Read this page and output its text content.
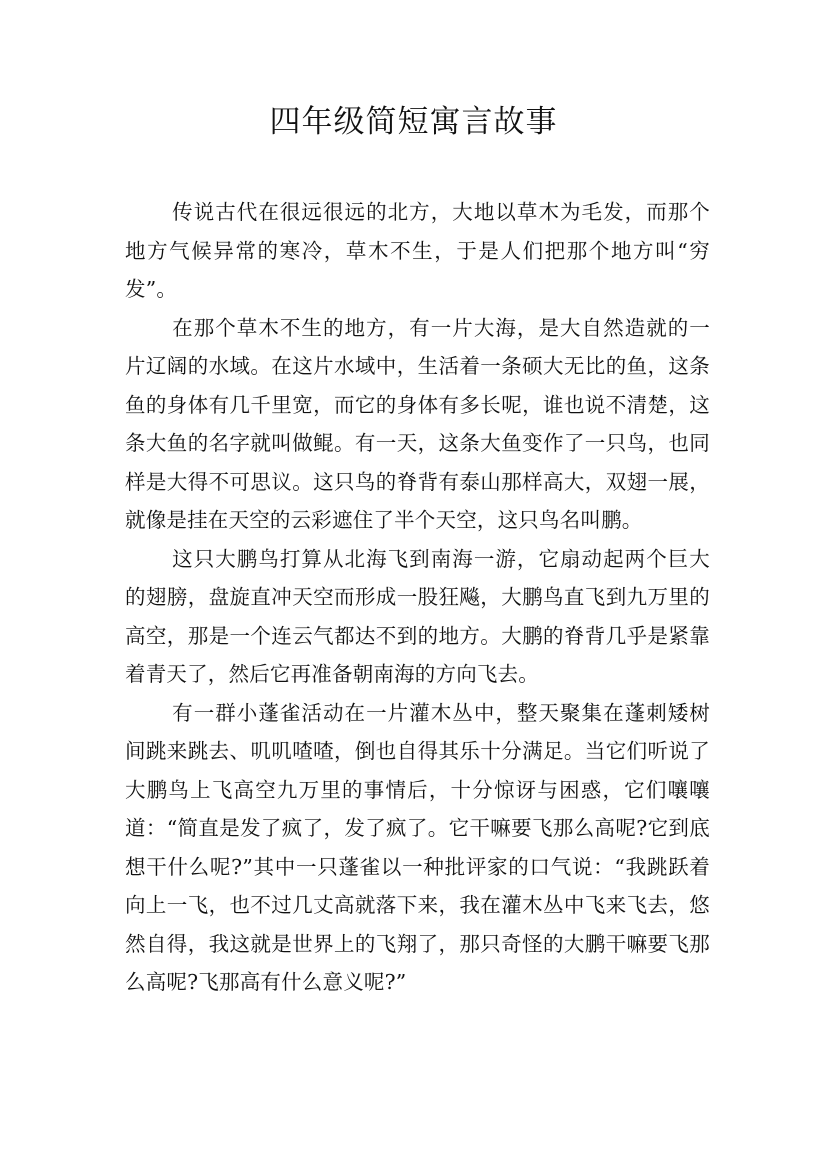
四年级简短寓言故事

传说古代在很远很远的北方，大地以草木为毛发，而那个地方气候异常的寒冷，草木不生，于是人们把那个地方叫“穷发”。

在那个草木不生的地方，有一片大海，是大自然造就的一片辽阔的水域。在这片水域中，生活着一条硕大无比的鱼，这条鱼的身体有几千里宽，而它的身体有多长呢，谁也说不清楚，这条大鱼的名字就叫做鲲。有一天，这条大鱼变作了一只鸟，也同样是大得不可思议。这只鸟的脊背有泰山那样高大，双翅一展，就像是挂在天空的云彩遮住了半个天空，这只鸟名叫鹏。

这只大鹏鸟打算从北海飞到南海一游，它扇动起两个巨大的翅膀，盘旋直冲天空而形成一股狂飚，大鹏鸟直飞到九万里的高空，那是一个连云气都达不到的地方。大鹏的脊背几乎是紧靠着青天了，然后它再准备朝南海的方向飞去。

有一群小蓬雀活动在一片灌木丛中，整天聚集在蓬刺矮树间跳来跳去、叽叽喳喳，倒也自得其乐十分满足。当它们听说了大鹏鸟上飞高空九万里的事情后，十分惊讶与困惑，它们嚷嚷道：“简直是发了疯了，发了疯了。它干嘛要飞那么高呢?它到底想干什么呢?”其中一只蓬雀以一种批评家的口气说：“我跳跃着向上一飞，也不过几丈高就落下来，我在灌木丛中飞来飞去，悠然自得，我这就是世界上的飞翔了，那只奇怪的大鹏干嘛要飞那么高呢?飞那高有什么意义呢?”
